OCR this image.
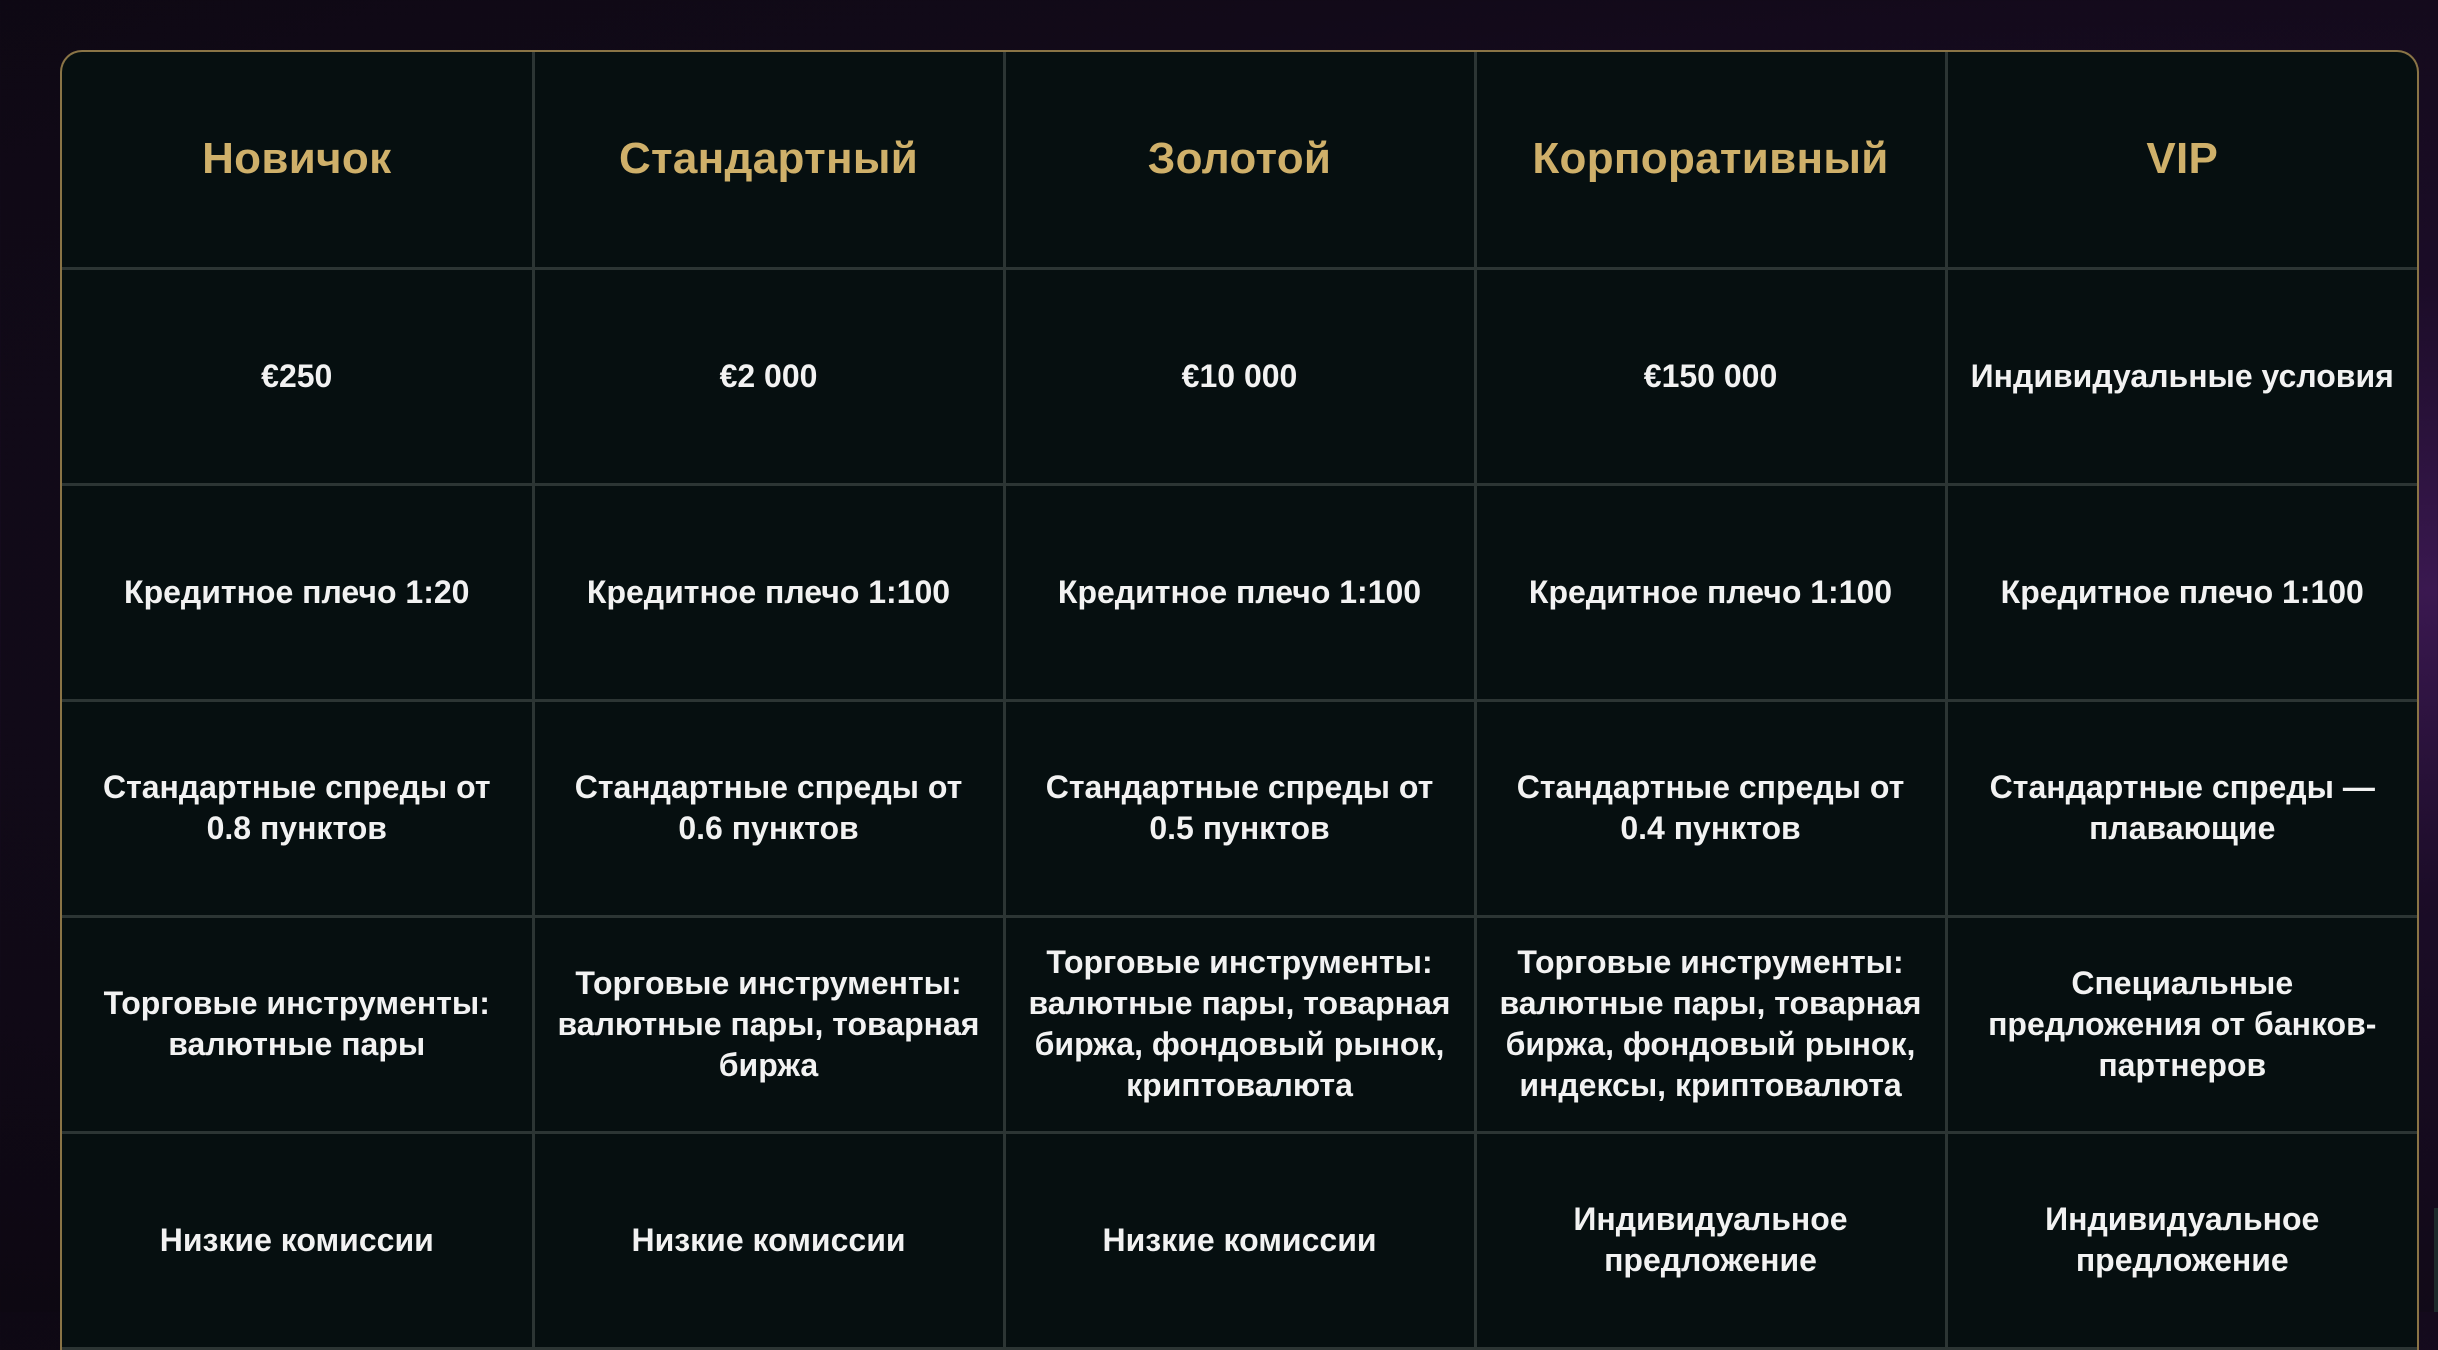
Новичок	Стандартный	Золотой	Корпоративный	VIP
€250	€2 000	€10 000	€150 000	Индивидуальные условия
Кредитное плечо 1:20	Кредитное плечо 1:100	Кредитное плечо 1:100	Кредитное плечо 1:100	Кредитное плечо 1:100
Стандартные спреды от 0.8 пунктов	Стандартные спреды от 0.6 пунктов	Стандартные спреды от 0.5 пунктов	Стандартные спреды от 0.4 пунктов	Стандартные спреды — плавающие
Торговые инструменты: валютные пары	Торговые инструменты: валютные пары, товарная биржа	Торговые инструменты: валютные пары, товарная биржа, фондовый рынок, криптовалюта	Торговые инструменты: валютные пары, товарная биржа, фондовый рынок, индексы, криптовалюта	Специальные предложения от банков-партнеров
Низкие комиссии	Низкие комиссии	Низкие комиссии	Индивидуальное предложение	Индивидуальное предложение
